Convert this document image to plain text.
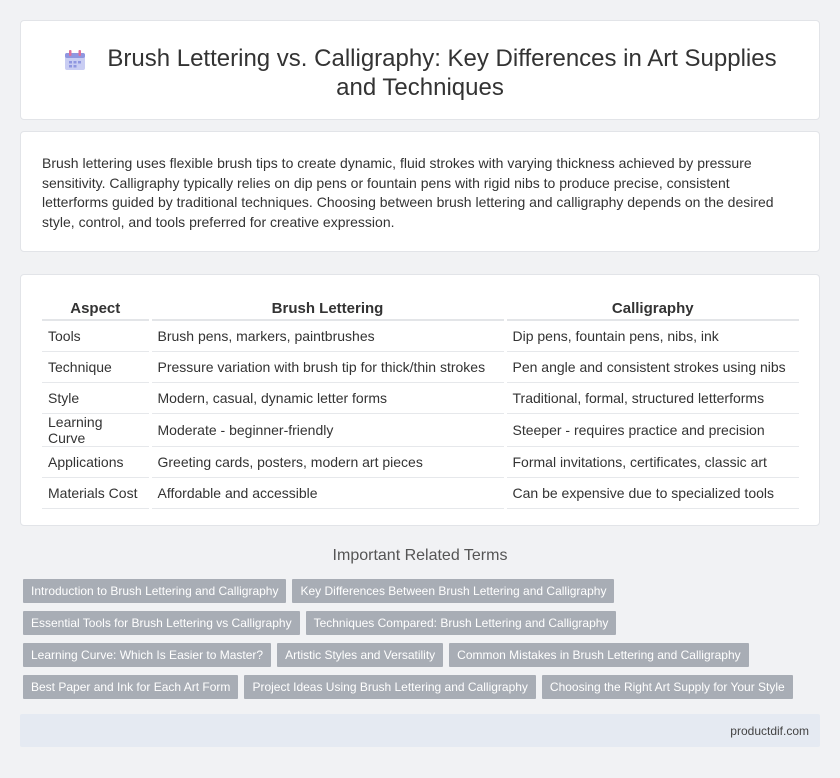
Brush Lettering vs. Calligraphy: Key Differences in Art Supplies and Techniques

Brush lettering uses flexible brush tips to create dynamic, fluid strokes with varying thickness achieved by pressure sensitivity. Calligraphy typically relies on dip pens or fountain pens with rigid nibs to produce precise, consistent letterforms guided by traditional techniques. Choosing between brush lettering and calligraphy depends on the desired style, control, and tools preferred for creative expression.

Aspect	Brush Lettering	Calligraphy
Tools	Brush pens, markers, paintbrushes	Dip pens, fountain pens, nibs, ink
Technique	Pressure variation with brush tip for thick/thin strokes	Pen angle and consistent strokes using nibs
Style	Modern, casual, dynamic letter forms	Traditional, formal, structured letterforms
Learning Curve	Moderate - beginner-friendly	Steeper - requires practice and precision
Applications	Greeting cards, posters, modern art pieces	Formal invitations, certificates, classic art
Materials Cost	Affordable and accessible	Can be expensive due to specialized tools
Important Related Terms
Introduction to Brush Lettering and Calligraphy Key Differences Between Brush Lettering and Calligraphy
Essential Tools for Brush Lettering vs Calligraphy Techniques Compared: Brush Lettering and Calligraphy
Learning Curve: Which Is Easier to Master? Artistic Styles and Versatility Common Mistakes in Brush Lettering and Calligraphy
Best Paper and Ink for Each Art Form Project Ideas Using Brush Lettering and Calligraphy Choosing the Right Art Supply for Your Style
productdif.com
